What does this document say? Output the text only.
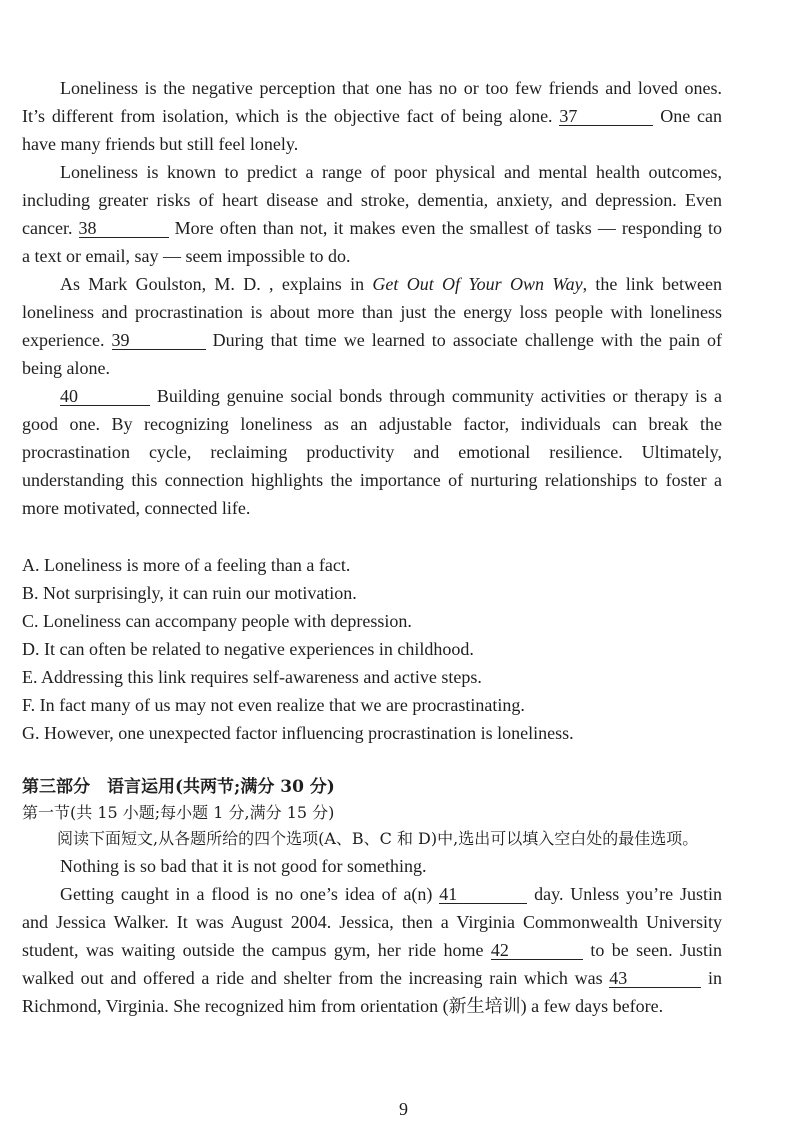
Loneliness is the negative perception that one has no or too few friends and loved ones.
It’s different from isolation, which is the objective fact of being alone. 37	One can
have many friends but still feel lonely.
Loneliness is known to predict a range of poor physical and mental health outcomes,
including greater risks of heart disease and stroke, dementia, anxiety, and depression. Even
cancer. 38	More often than not, it makes even the smallest of tasks — responding to
a text or email, say — seem impossible to do.
As Mark Goulston, M. D. , explains in Get Out Of Your Own Way, the link between
loneliness and procrastination is about more than just the energy loss people with loneliness
experience. 39	During that time we learned to associate challenge with the pain of
being alone.
40	Building genuine social bonds through community activities or therapy is a
good one. By recognizing loneliness as an adjustable factor, individuals can break the
procrastination cycle, reclaiming productivity and emotional resilience. Ultimately,
understanding this connection highlights the importance of nurturing relationships to foster a
more motivated, connected life.
A. Loneliness is more of a feeling than a fact.
B. Not surprisingly, it can ruin our motivation.
C. Loneliness can accompany people with depression.
D. It can often be related to negative experiences in childhood.
E. Addressing this link requires self-awareness and active steps.
F. In fact many of us may not even realize that we are procrastinating.
G. However, one unexpected factor influencing procrastination is loneliness.
第三部分　语言运用(共两节;满分 30 分)
第一节(共 15 小题;每小题 1 分,满分 15 分)
阅读下面短文,从各题所给的四个选项(A、B、C 和 D)中,选出可以填入空白处的最佳选项。
Nothing is so bad that it is not good for something.
Getting caught in a flood is no one’s idea of a(n) 41	day. Unless you’re Justin
and Jessica Walker. It was August 2004. Jessica, then a Virginia Commonwealth University
student, was waiting outside the campus gym, her ride home 42	to be seen. Justin
walked out and offered a ride and shelter from the increasing rain which was 43	in
Richmond, Virginia. She recognized him from orientation (新生培训) a few days before.
9
